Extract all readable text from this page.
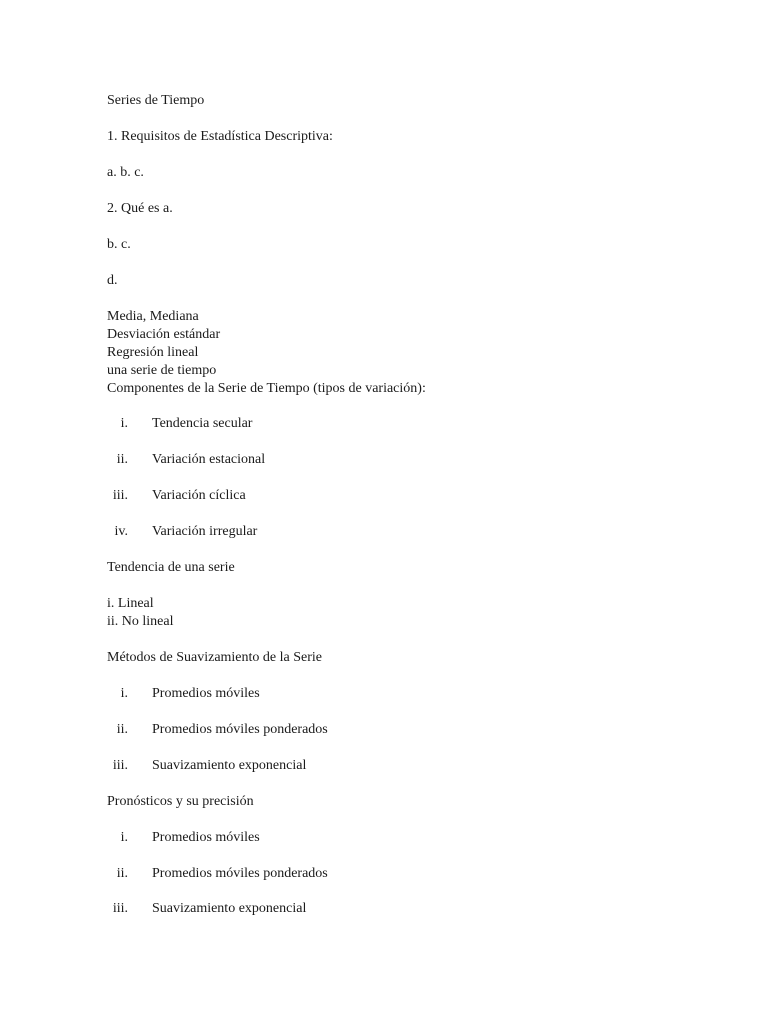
Series de Tiempo
1. Requisitos de Estadística Descriptiva:
a. b. c.
2. Qué es a.
b. c.
d.
Media, Mediana
Desviación estándar
Regresión lineal
una serie de tiempo
Componentes de la Serie de Tiempo (tipos de variación):
i. Tendencia secular
ii. Variación estacional
iii. Variación cíclica
iv. Variación irregular
Tendencia de una serie
i. Lineal
ii. No lineal
Métodos de Suavizamiento de la Serie
i. Promedios móviles
ii. Promedios móviles ponderados
iii. Suavizamiento exponencial
Pronósticos y su precisión
i. Promedios móviles
ii. Promedios móviles ponderados
iii. Suavizamiento exponencial
